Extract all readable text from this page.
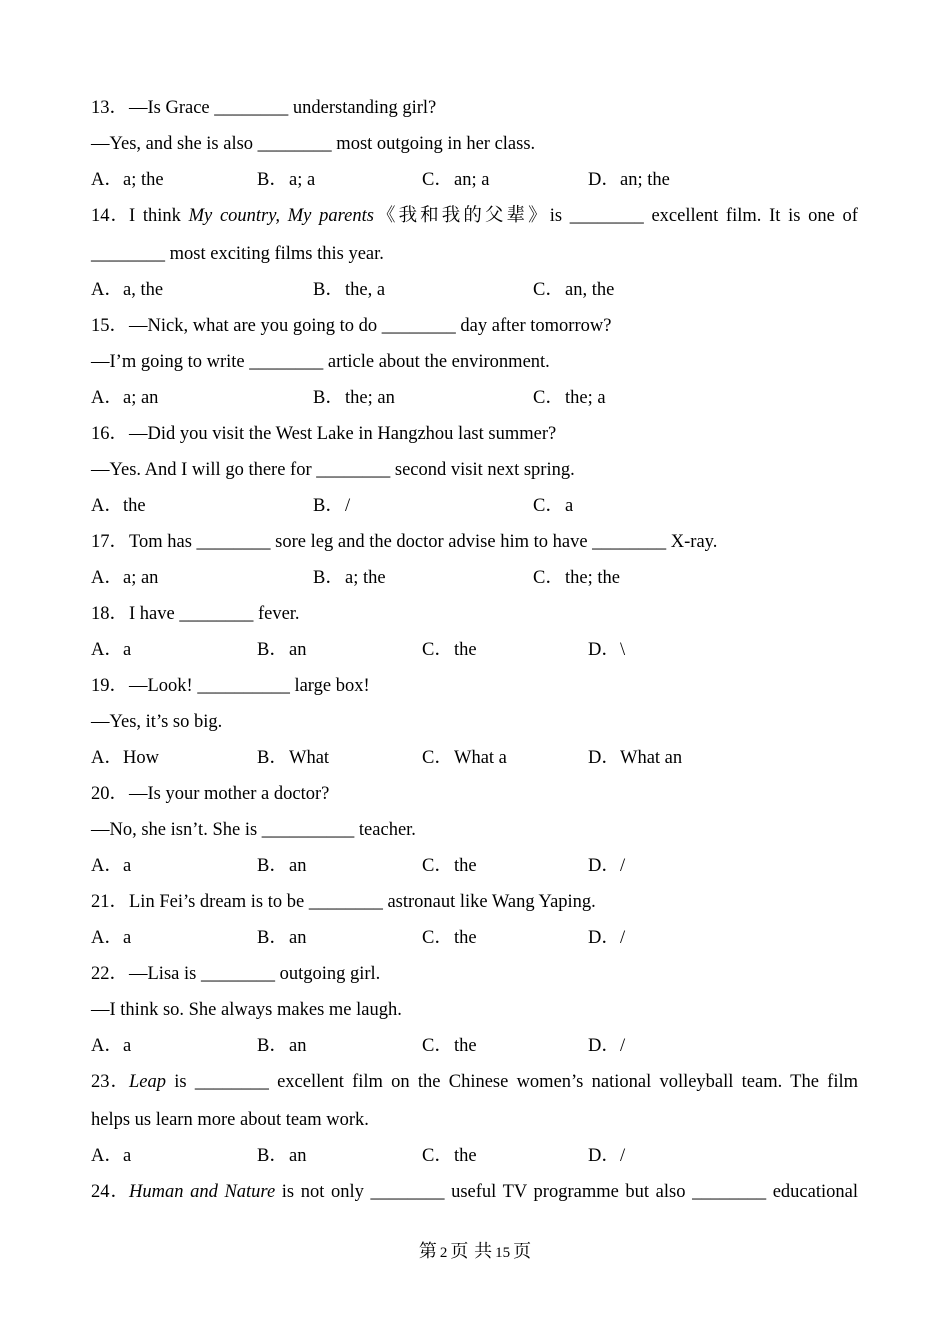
13．—Is Grace ________ understanding girl?
—Yes, and she is also ________ most outgoing in her class.
A．a; the	B．a; a	C．an; a	D．an; the
14．I think My country, My parents《我和我的父辈》is ________ excellent film. It is one of
________ most exciting films this year.
A．a, the	B．the, a	C．an, the
15．—Nick, what are you going to do ________ day after tomorrow?
—I’m going to write ________ article about the environment.
A．a; an	B．the; an	C．the; a
16．—Did you visit the West Lake in Hangzhou last summer?
—Yes. And I will go there for ________ second visit next spring.
A．the	B．/	C．a
17．Tom has ________ sore leg and the doctor advise him to have ________ X-ray.
A．a; an	B．a; the	C．the; the
18．I have ________ fever.
A．a	B．an	C．the	D．\
19．—Look! __________ large box!
—Yes, it’s so big.
A．How	B．What	C．What a	D．What an
20．—Is your mother a doctor?
—No, she isn’t. She is __________ teacher.
A．a	B．an	C．the	D．/
21．Lin Fei’s dream is to be ________ astronaut like Wang Yaping.
A．a	B．an	C．the	D．/
22．—Lisa is ________ outgoing girl.
—I think so. She always makes me laugh.
A．a	B．an	C．the	D．/
23．Leap is ________ excellent film on the Chinese women’s national volleyball team. The film
helps us learn more about team work.
A．a	B．an	C．the	D．/
24．Human and Nature is not only ________ useful TV programme but also ________ educational
第 2 页 共 15 页
